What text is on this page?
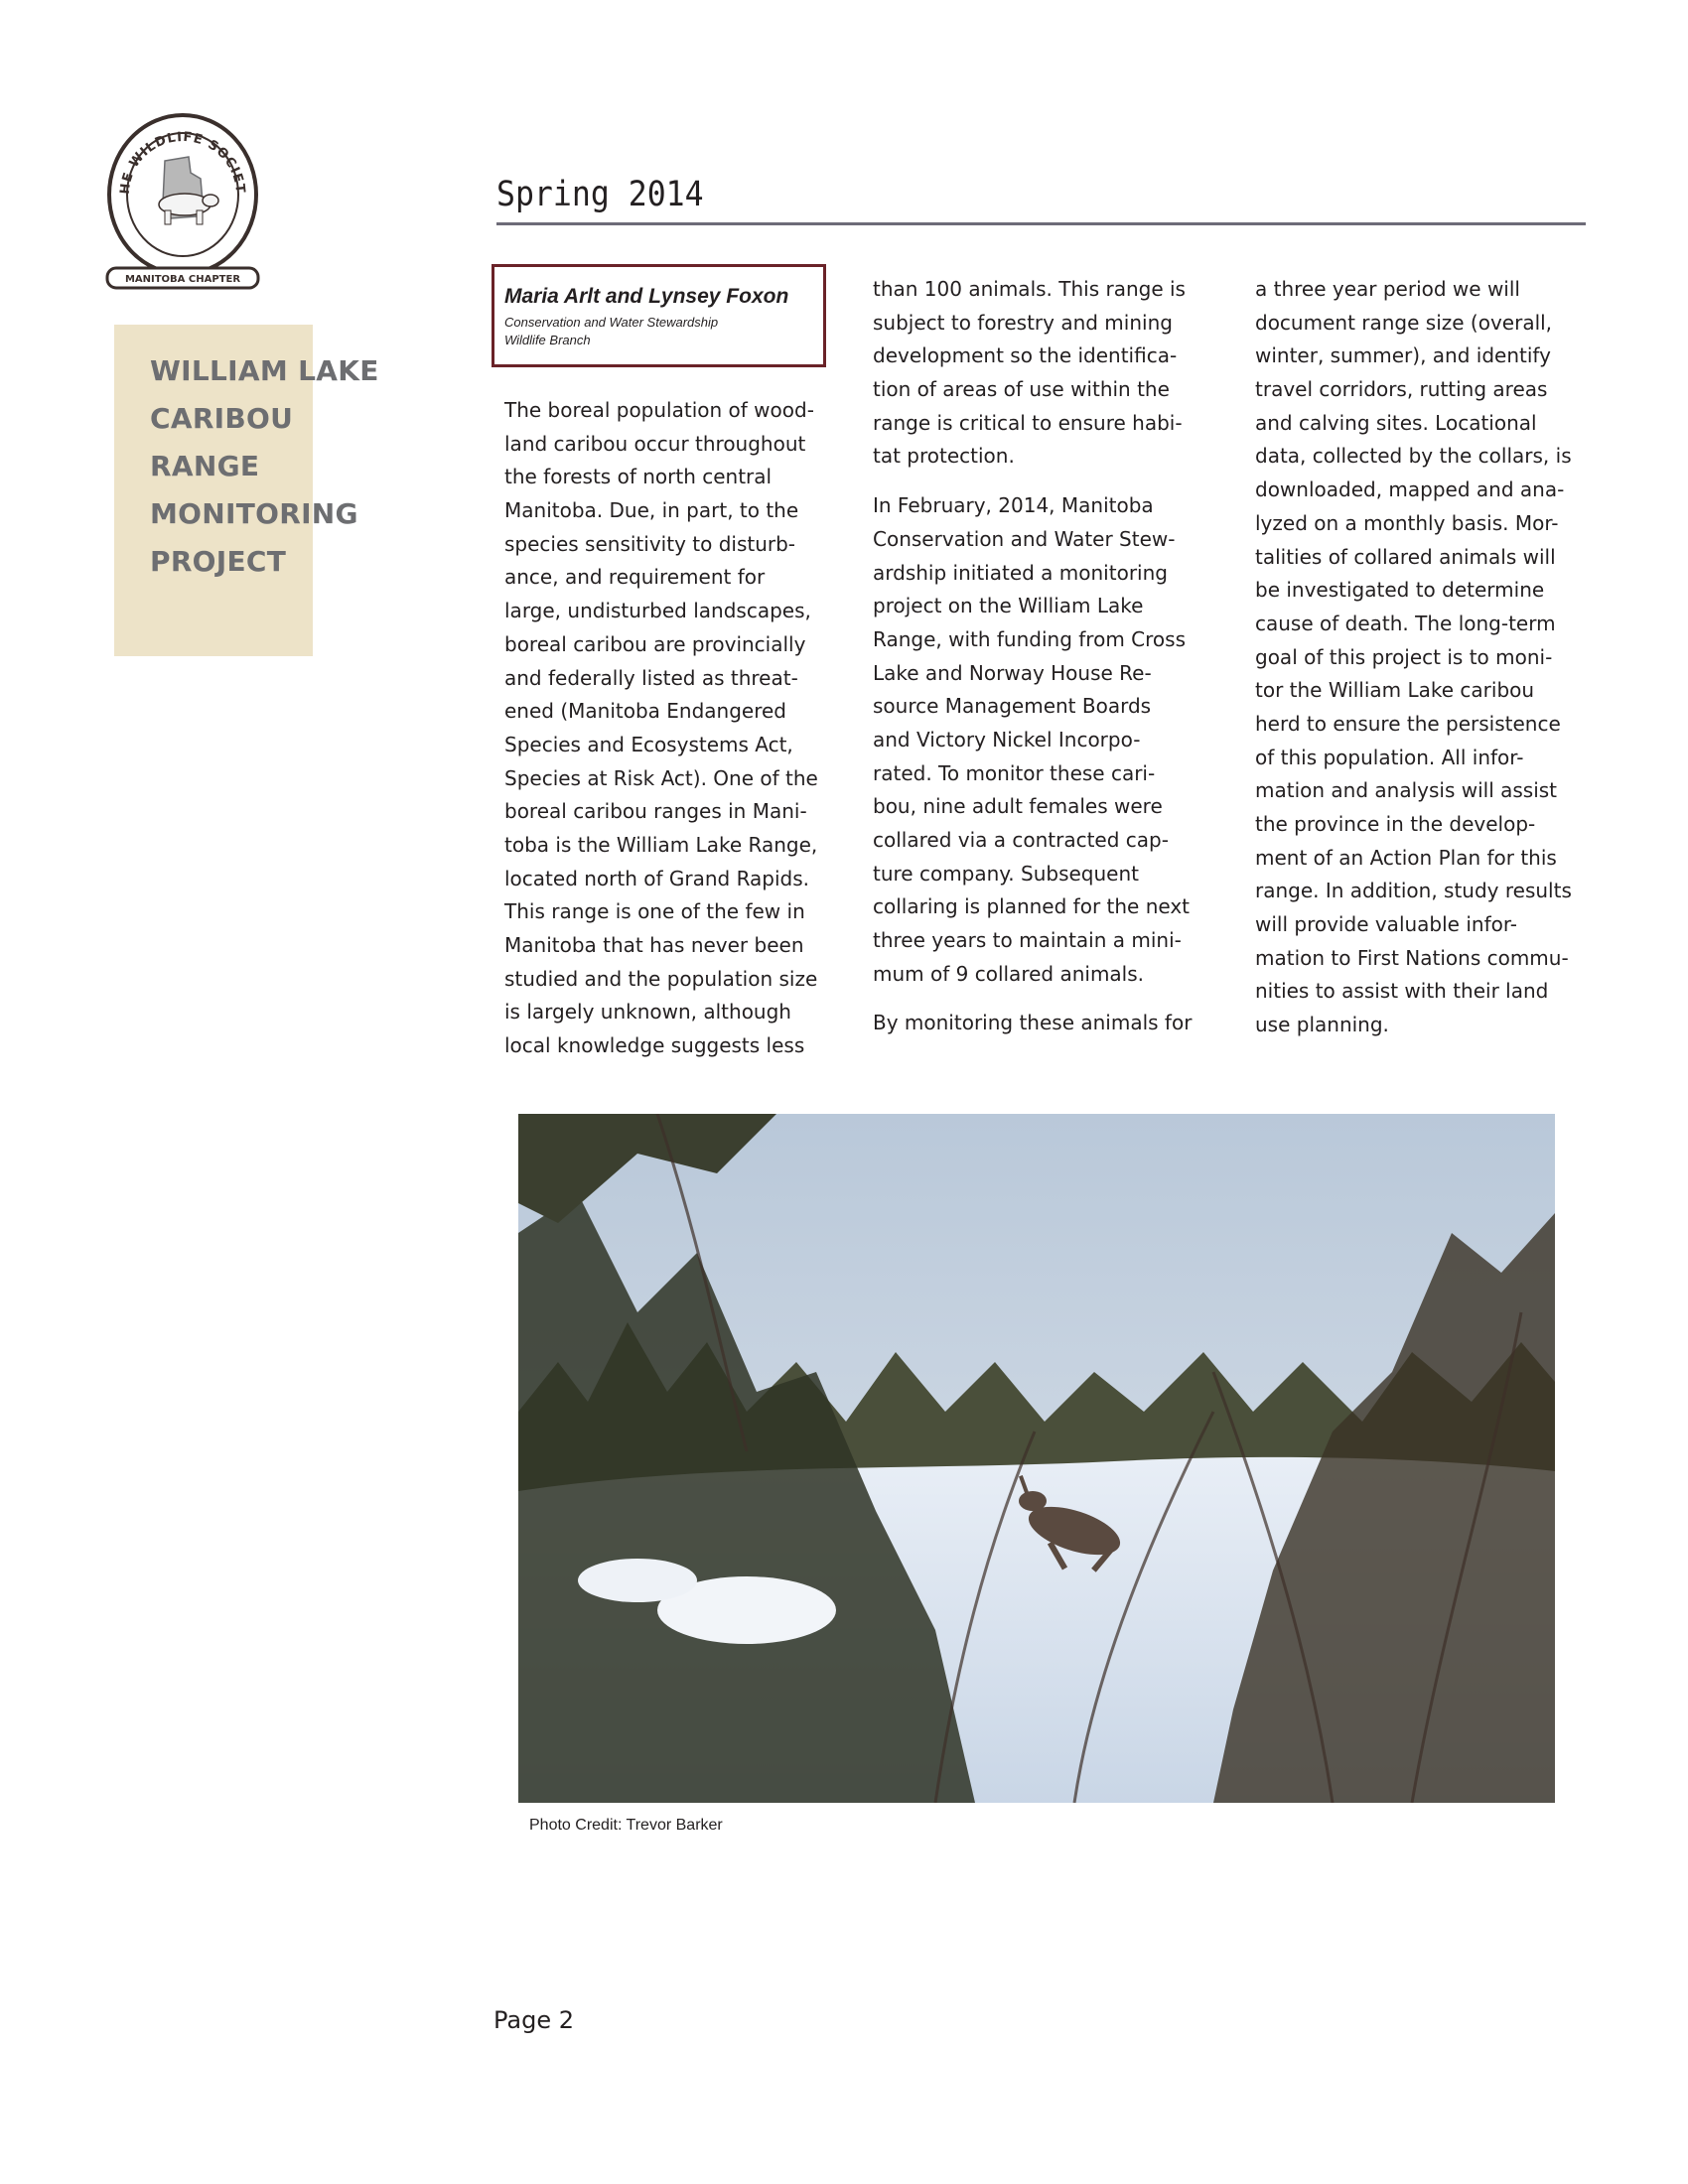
HE WILDLIFE SOCIET
MANITOBA CHAPTER
WILLIAM LAKE
CARIBOU
RANGE
MONITORING
PROJECT
Spring 2014
Maria Arlt and Lynsey Foxon
Conservation and Water Stewardship
Wildlife Branch
The boreal population of wood-
land caribou occur throughout
the forests of north central
Manitoba. Due, in part, to the
species sensitivity to disturb-
ance, and requirement for
large, undisturbed landscapes,
boreal caribou are provincially
and federally listed as threat-
ened (Manitoba Endangered
Species and Ecosystems Act,
Species at Risk Act). One of the
boreal caribou ranges in Mani-
toba is the William Lake Range,
located north of Grand Rapids.
This range is one of the few in
Manitoba that has never been
studied and the population size
is largely unknown, although
local knowledge suggests less
than 100 animals. This range is
subject to forestry and mining
development so the identifica-
tion of areas of use within the
range is critical to ensure habi-
tat protection.
In February, 2014, Manitoba
Conservation and Water Stew-
ardship initiated a monitoring
project on the William Lake
Range, with funding from Cross
Lake and Norway House Re-
source Management Boards
and Victory Nickel Incorpo-
rated. To monitor these cari-
bou, nine adult females were
collared via a contracted cap-
ture company. Subsequent
collaring is planned for the next
three years to maintain a mini-
mum of 9 collared animals.
By monitoring these animals for
a three year period we will
document range size (overall,
winter, summer), and identify
travel corridors, rutting areas
and calving sites. Locational
data, collected by the collars, is
downloaded, mapped and ana-
lyzed on a monthly basis. Mor-
talities of collared animals will
be investigated to determine
cause of death. The long-term
goal of this project is to moni-
tor the William Lake caribou
herd to ensure the persistence
of this population. All infor-
mation and analysis will assist
the province in the develop-
ment of an Action Plan for this
range. In addition, study results
will provide valuable infor-
mation to First Nations commu-
nities to assist with their land
use planning.
Photo Credit: Trevor Barker
Page 2
